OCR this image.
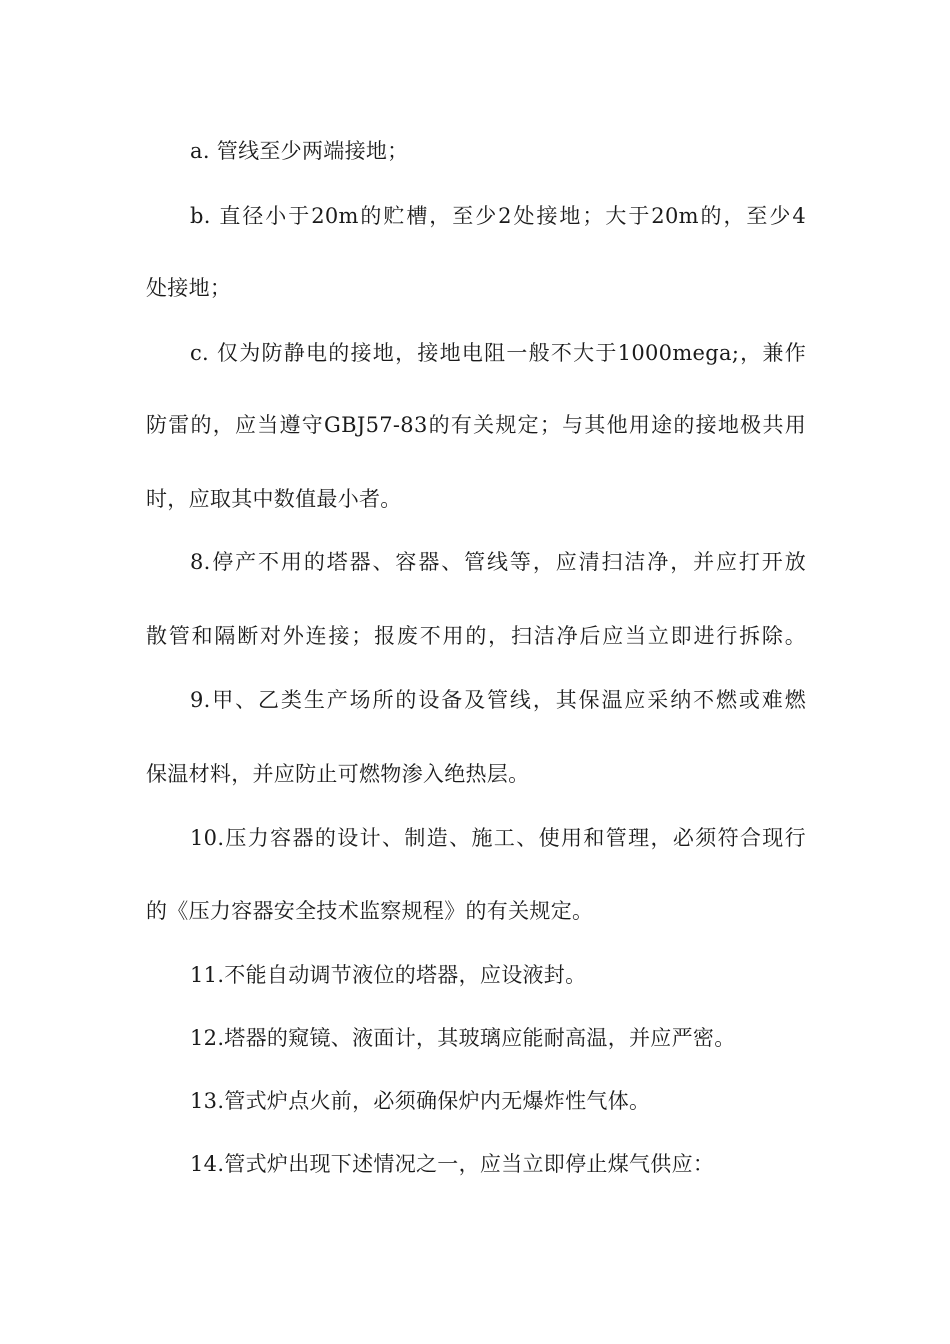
a. 管线至少两端接地；
b. 直径小于20m的贮槽，至少2处接地；大于20m的，至少4
处接地；
c. 仅为防静电的接地，接地电阻一般不大于1000mega;，兼作
防雷的，应当遵守GBJ57-83的有关规定；与其他用途的接地极共用
时，应取其中数值最小者。
8.停产不用的塔器、容器、管线等，应清扫洁净，并应打开放
散管和隔断对外连接；报废不用的，扫洁净后应当立即进行拆除。
9.甲、乙类生产场所的设备及管线，其保温应采纳不燃或难燃
保温材料，并应防止可燃物渗入绝热层。
10.压力容器的设计、制造、施工、使用和管理，必须符合现行
的《压力容器安全技术监察规程》的有关规定。
11.不能自动调节液位的塔器，应设液封。
12.塔器的窥镜、液面计，其玻璃应能耐高温，并应严密。
13.管式炉点火前，必须确保炉内无爆炸性气体。
14.管式炉出现下述情况之一，应当立即停止煤气供应：
